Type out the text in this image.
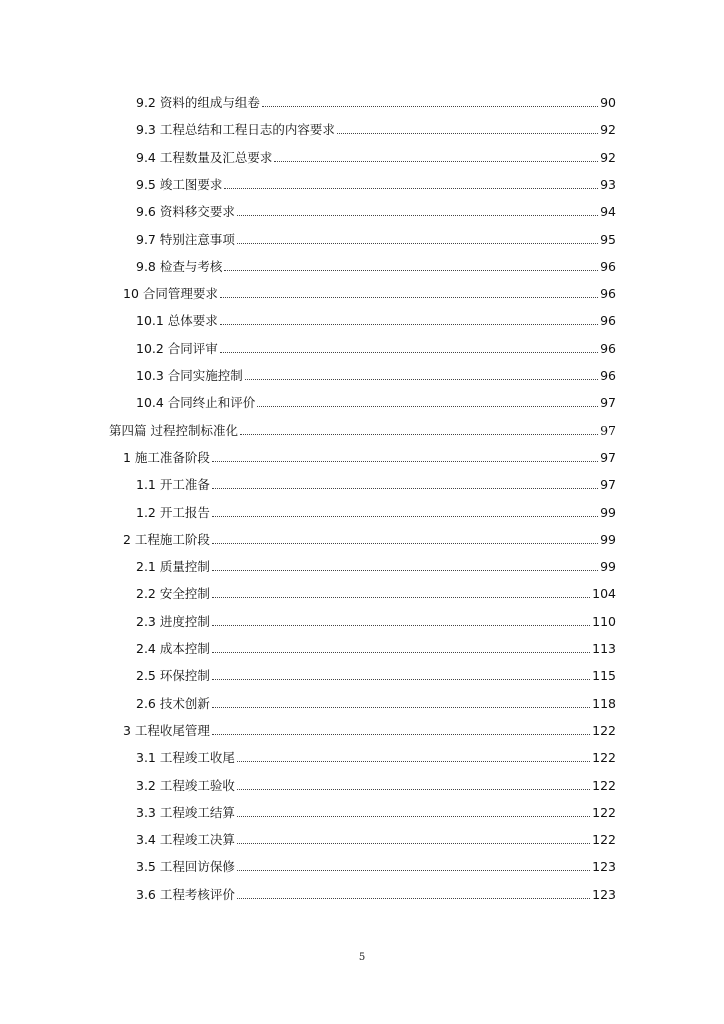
9.2 资料的组成与组卷	90
9.3 工程总结和工程日志的内容要求	92
9.4 工程数量及汇总要求	92
9.5 竣工图要求	93
9.6 资料移交要求	94
9.7 特别注意事项	95
9.8 检查与考核	96
10 合同管理要求	96
10.1 总体要求	96
10.2 合同评审	96
10.3 合同实施控制	96
10.4 合同终止和评价	97
第四篇 过程控制标准化	97
1 施工准备阶段	97
1.1 开工准备	97
1.2 开工报告	99
2 工程施工阶段	99
2.1 质量控制	99
2.2 安全控制	104
2.3 进度控制	110
2.4 成本控制	113
2.5 环保控制	115
2.6 技术创新	118
3 工程收尾管理	122
3.1 工程竣工收尾	122
3.2 工程竣工验收	122
3.3 工程竣工结算	122
3.4 工程竣工决算	122
3.5 工程回访保修	123
3.6 工程考核评价	123
5
